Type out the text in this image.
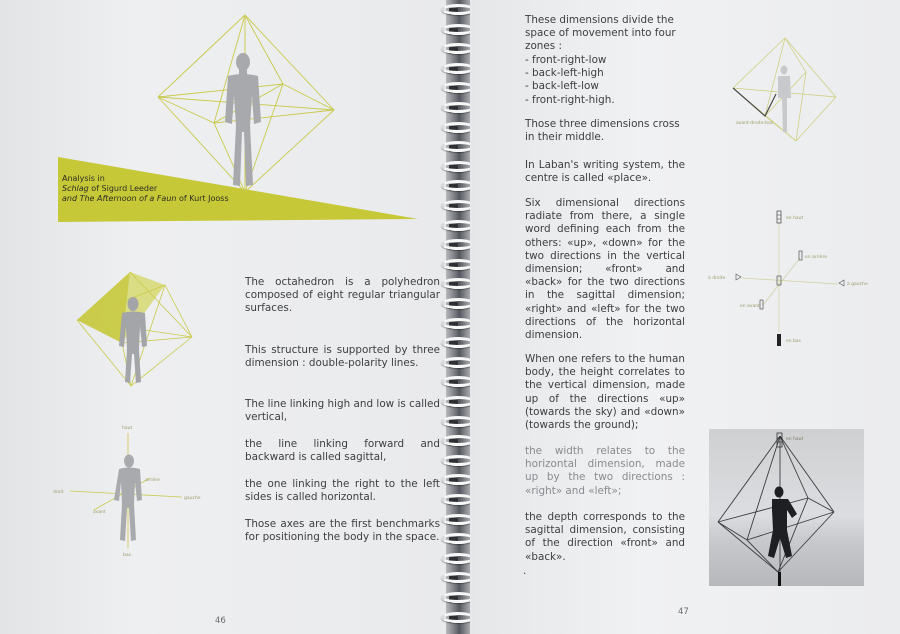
Analysis in
Schlag of Sigurd Leeder
and The Afternoon of a Faun of Kurt Jooss
haut
bas
droit
gauche
arrière
avant

The octahedron is a polyhedron composed of eight regular triangular surfaces.

This structure is supported by three dimension : double-polarity lines.

The line linking high and low is called vertical,

the line linking forward and backward is called sagittal,

the one linking the right to the left sides is called horizontal.

Those axes are the first benchmarks for positioning the body in the space.

46

These dimensions divide the space of movement into four zones :

- front-right-low
- back-left-high
- back-left-low
- front-right-high.

Those three dimensions cross in their middle.

In Laban's writing system, the centre is called «place».

Six dimensional directions radiate from there, a single word defining each from the others: «up», «down» for the two directions in the vertical dimension; «front» and «back» for the two directions in the sagittal dimension; «right» and «left» for the two directions of the horizontal dimension.

When one refers to the human body, the height correlates to the vertical dimension, made up of the directions «up» (towards the sky) and «down» (towards the ground);

the width relates to the horizontal dimension, made up by the two directions : «right» and «left»;

the depth corresponds to the sagittal dimension, consisting of the direction «front» and «back».

.
47
avant-droite-bas
en haut
en arrière
à droite
à gauche
en avant
en bas
en haut
